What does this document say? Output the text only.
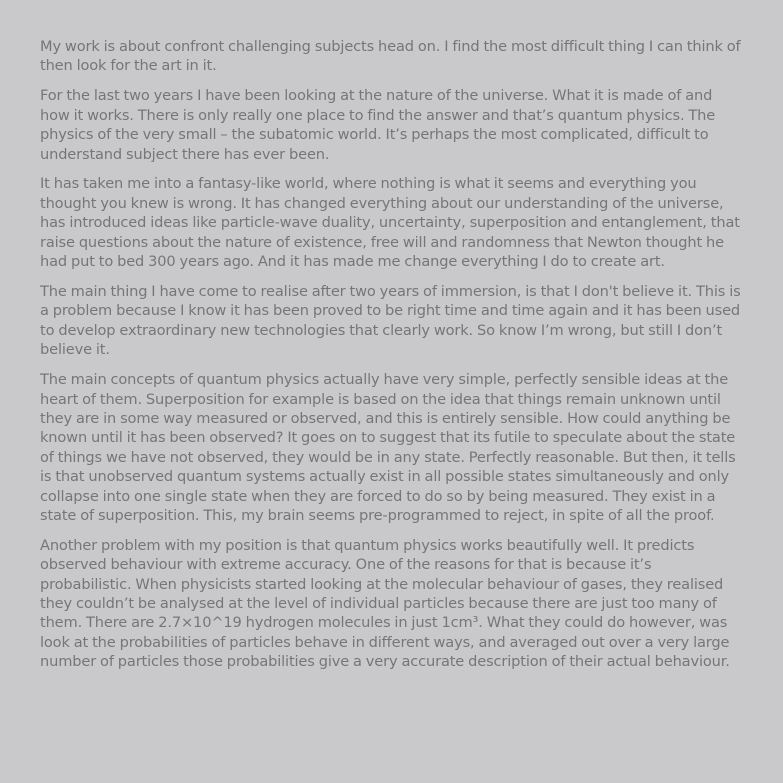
My work is about confront challenging subjects head on. I find the most difficult thing I can think of then look for the art in it.

For the last two years I have been looking at the nature of the universe. What it is made of and how it works. There is only really one place to find the answer and that’s quantum physics. The physics of the very small – the subatomic world. It’s perhaps the most complicated, difficult to understand subject there has ever been.

It has taken me into a fantasy-like world, where nothing is what it seems and everything you thought you knew is wrong. It has changed everything about our understanding of the universe, has introduced ideas like particle-wave duality, uncertainty, superposition and entanglement, that raise questions about the nature of existence, free will and randomness that Newton thought he had put to bed 300 years ago. And it has made me change everything I do to create art.

The main thing I have come to realise after two years of immersion, is that I don't believe it. This is a problem because I know it has been proved to be right time and time again and it has been used to develop extraordinary new technologies that clearly work. So know I’m wrong, but still I don’t believe it.

The main concepts of quantum physics actually have very simple, perfectly sensible ideas at the heart of them. Superposition for example is based on the idea that things remain unknown until they are in some way measured or observed, and this is entirely sensible. How could anything be known until it has been observed? It goes on to suggest that its futile to speculate about the state of things we have not observed, they would be in any state. Perfectly reasonable. But then, it tells is that unobserved quantum systems actually exist in all possible states simultaneously and only collapse into one single state when they are forced to do so by being measured. They exist in a state of superposition. This, my brain seems pre-programmed to reject, in spite of all the proof.

Another problem with my position is that quantum physics works beautifully well. It predicts observed behaviour with extreme accuracy. One of the reasons for that is because it’s probabilistic. When physicists started looking at the molecular behaviour of gases, they realised they couldn’t be analysed at the level of individual particles because there are just too many of them. There are 2.7×10^19 hydrogen molecules in just 1cm³. What they could do however, was look at the probabilities of particles behave in different ways, and averaged out over a very large number of particles those probabilities give a very accurate description of their actual behaviour.
